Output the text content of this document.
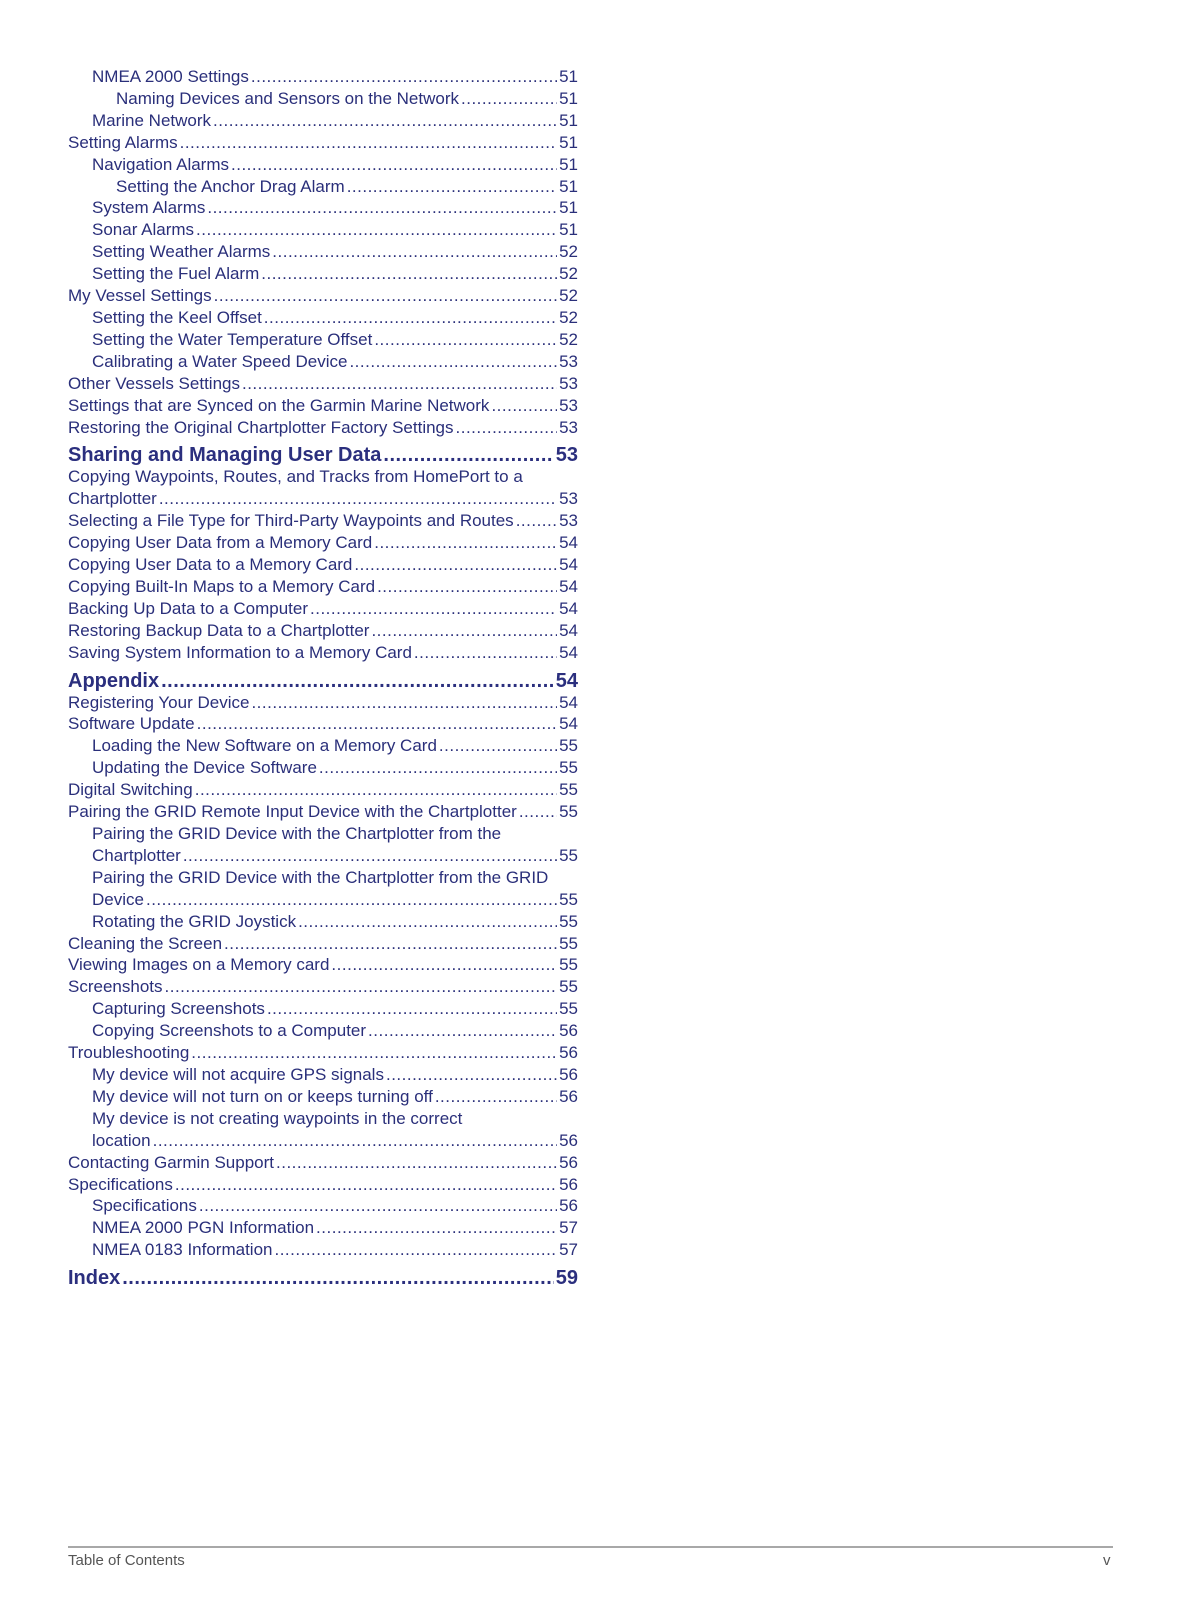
NMEA 2000 Settings .....	51
Naming Devices and Sensors on the Network .....	51
Marine Network .....	51
Setting Alarms .....	51
Navigation Alarms .....	51
Setting the Anchor Drag Alarm .....	51
System Alarms .....	51
Sonar Alarms .....	51
Setting Weather Alarms .....	52
Setting the Fuel Alarm .....	52
My Vessel Settings .....	52
Setting the Keel Offset .....	52
Setting the Water Temperature Offset .....	52
Calibrating a Water Speed Device .....	53
Other Vessels Settings .....	53
Settings that are Synced on the Garmin Marine Network .....	53
Restoring the Original Chartplotter Factory Settings .....	53
Sharing and Managing User Data .....	53
Copying Waypoints, Routes, and Tracks from HomePort to a
Chartplotter .....	53
Selecting a File Type for Third-Party Waypoints and Routes .....	53
Copying User Data from a Memory Card .....	54
Copying User Data to a Memory Card .....	54
Copying Built-In Maps to a Memory Card .....	54
Backing Up Data to a Computer .....	54
Restoring Backup Data to a Chartplotter .....	54
Saving System Information to a Memory Card .....	54
Appendix .....	54
Registering Your Device .....	54
Software Update .....	54
Loading the New Software on a Memory Card .....	55
Updating the Device Software .....	55
Digital Switching .....	55
Pairing the GRID Remote Input Device with the Chartplotter ..... 55
Pairing the GRID Device with the Chartplotter from the
Chartplotter .....	55
Pairing the GRID Device with the Chartplotter from the GRID
Device .....	55
Rotating the GRID Joystick .....	55
Cleaning the Screen .....	55
Viewing Images on a Memory card .....	55
Screenshots .....	55
Capturing Screenshots .....	55
Copying Screenshots to a Computer .....	56
Troubleshooting .....	56
My device will not acquire GPS signals .....	56
My device will not turn on or keeps turning off .....	56
My device is not creating waypoints in the correct
location .....	56
Contacting Garmin Support .....	56
Specifications .....	56
Specifications .....	56
NMEA 2000 PGN Information .....	57
NMEA 0183 Information .....	57
Index .....	59
Table of Contents	v
